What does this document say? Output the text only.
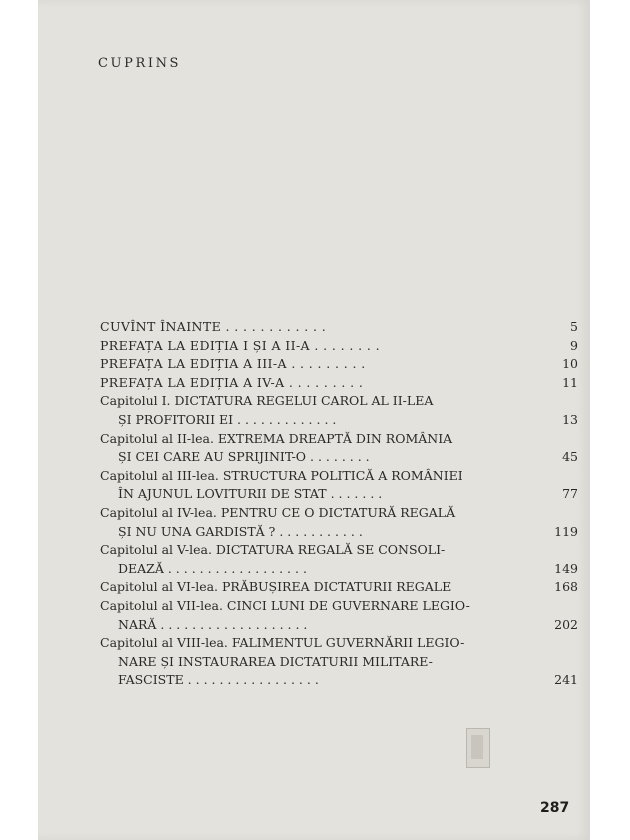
CUPRINS
CUVÎNT ÎNAINTE . . . . . . . . . . . .	5
PREFAȚA LA EDIȚIA I ȘI A II-A . . . . . . . .	9
PREFAȚA LA EDIȚIA A III-A . . . . . . . . .	10
PREFAȚA LA EDIȚIA A IV-A . . . . . . . . .	11
Capitolul I. DICTATURA REGELUI CAROL AL II-LEA
ȘI PROFITORII EI . . . . . . . . . . . . .	13
Capitolul al II-lea. EXTREMA DREAPTĂ DIN ROMÂNIA
ȘI CEI CARE AU SPRIJINIT-O . . . . . . . .	45
Capitolul al III-lea. STRUCTURA POLITICĂ A ROMÂNIEI
ÎN AJUNUL LOVITURII DE STAT . . . . . . .	77
Capitolul al IV-lea. PENTRU CE O DICTATURĂ REGALĂ
ȘI NU UNA GARDISTĂ ? . . . . . . . . . . .	119
Capitolul al V-lea. DICTATURA REGALĂ SE CONSOLI-
DEAZĂ . . . . . . . . . . . . . . . . . .	149
Capitolul al VI-lea. PRĂBUȘIREA DICTATURII REGALE	168
Capitolul al VII-lea. CINCI LUNI DE GUVERNARE LEGIO-
NARĂ . . . . . . . . . . . . . . . . . . .	202
Capitolul al VIII-lea. FALIMENTUL GUVERNĂRII LEGIO-
NARE ȘI INSTAURAREA DICTATURII MILITARE-
FASCISTE . . . . . . . . . . . . . . . . .	241
287
